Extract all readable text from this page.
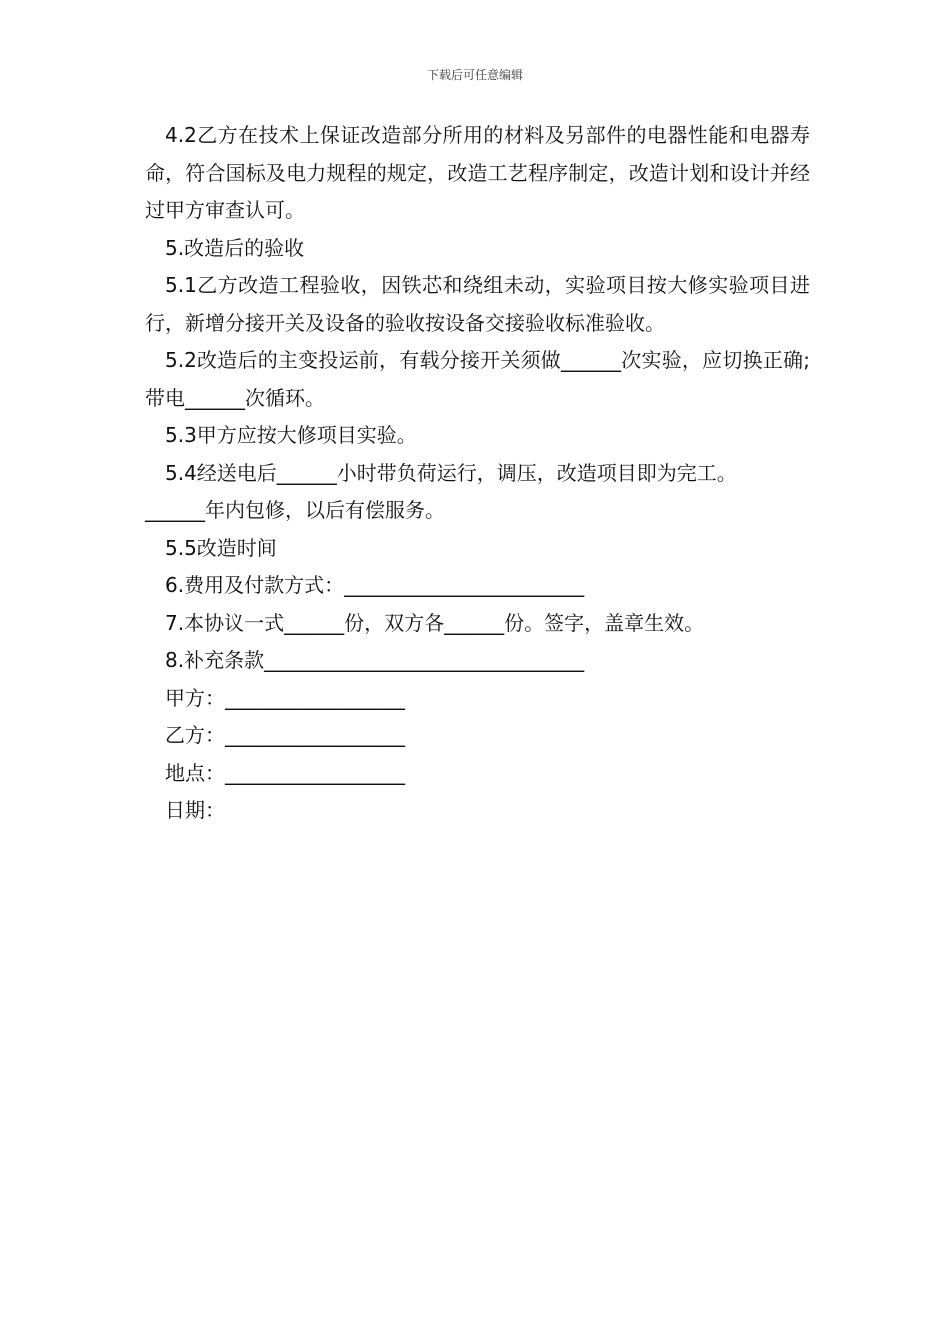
下载后可任意编辑

4.2乙方在技术上保证改造部分所用的材料及另部件的电器性能和电器寿命，符合国标及电力规程的规定，改造工艺程序制定，改造计划和设计并经过甲方审查认可。

5.改造后的验收

5.1乙方改造工程验收，因铁芯和绕组未动，实验项目按大修实验项目进行，新增分接开关及设备的验收按设备交接验收标准验收。

5.2改造后的主变投运前，有载分接开关须做______次实验，应切换正确;带电______次循环。

5.3甲方应按大修项目实验。

5.4经送电后______小时带负荷运行，调压，改造项目即为完工。

______年内包修，以后有偿服务。

5.5改造时间

6.费用及付款方式：________________________

7.本协议一式______份，双方各______份。签字，盖章生效。

8.补充条款________________________________

甲方：__________________

乙方：__________________

地点：__________________

日期：
